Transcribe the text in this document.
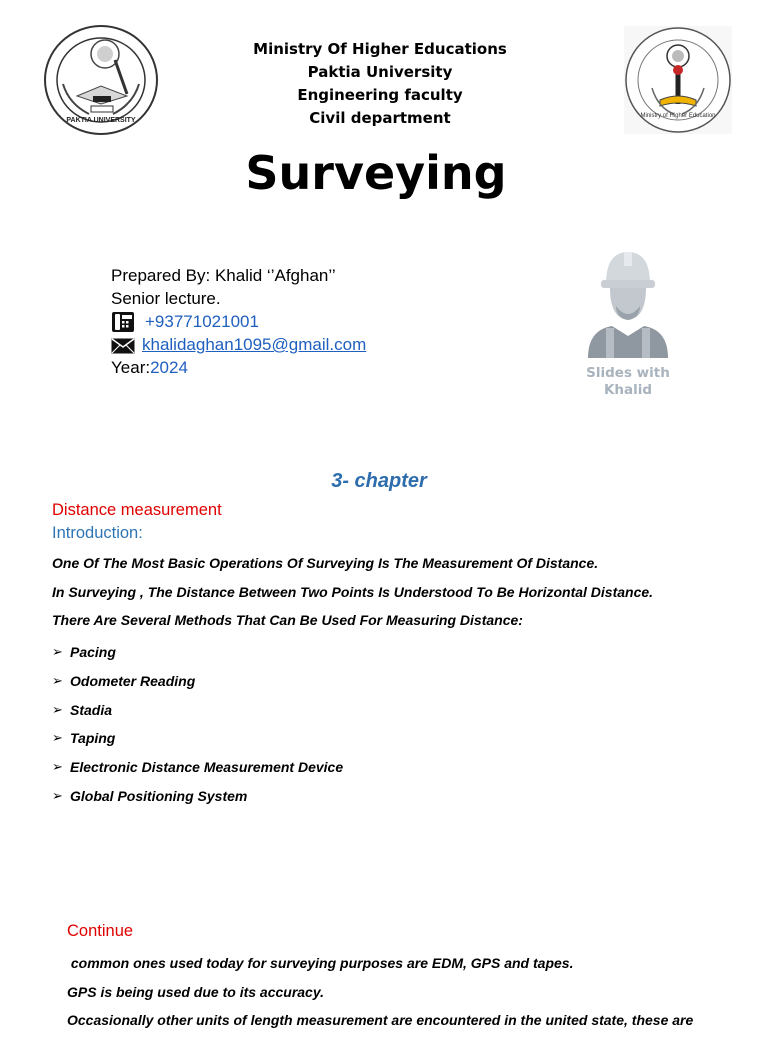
PAKTIA UNIVERSITY
Ministry Of Higher Educations
Paktia University
Engineering faculty
Civil department	Ministry of Higher Education
Surveying
Prepared By: Khalid ‘’Afghan’’
Senior lecture.
+93771021001
khalidaghan1095@gmail.com
Year: 2024	Slides with
Khalid
3- chapter
Distance measurement
Introduction:
One Of The Most Basic Operations Of Surveying Is The Measurement Of Distance.
In Surveying , The Distance Between Two Points Is Understood To Be Horizontal Distance.
There Are Several Methods That Can Be Used For Measuring Distance:
➢ Pacing
➢ Odometer Reading
➢ Stadia
➢ Taping
➢ Electronic Distance Measurement Device
➢ Global Positioning System
Continue
common ones used today for surveying purposes are EDM, GPS and tapes.
GPS is being used due to its accuracy.
Occasionally other units of length measurement are encountered in the united state, these are
